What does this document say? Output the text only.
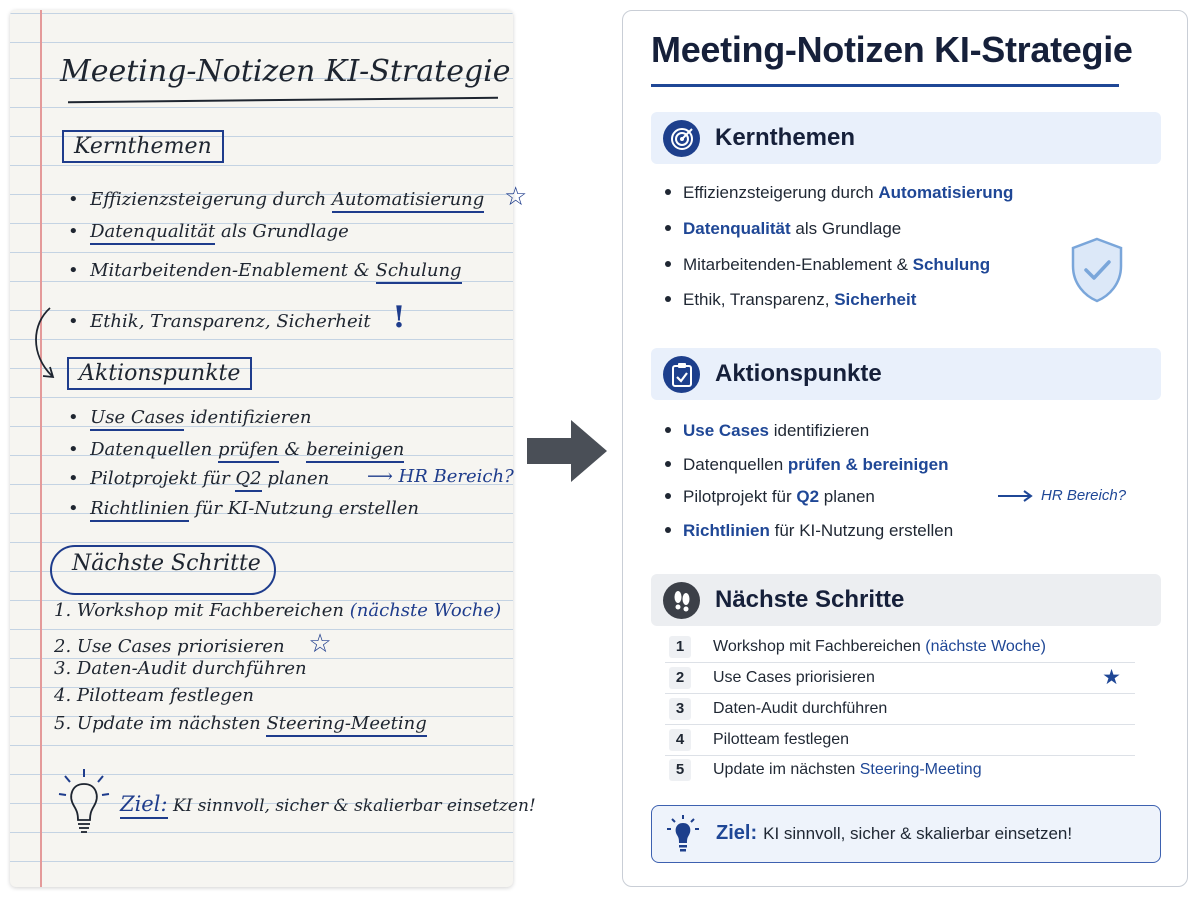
Meeting-Notizen KI-Strategie
Kernthemen
•  Effizienzsteigerung durch Automatisierung ☆
•  Datenqualität als Grundlage
•  Mitarbeitenden-Enablement & Schulung
•  Ethik, Transparenz, Sicherheit !
Aktionspunkte
•  Use Cases identifizieren
•  Datenquellen prüfen & bereinigen
•  Pilotprojekt für Q2 planen ⟶ HR Bereich?
•  Richtlinien für KI-Nutzung erstellen
Nächste Schritte
1. Workshop mit Fachbereichen (nächste Woche)
2. Use Cases priorisieren ☆
3. Daten-Audit durchführen
4. Pilotteam festlegen
5. Update im nächsten Steering-Meeting
Ziel: KI sinnvoll, sicher & skalierbar einsetzen!
Meeting-Notizen KI-Strategie
Kernthemen
Effizienzsteigerung durch Automatisierung
Datenqualität als Grundlage
Mitarbeitenden-Enablement & Schulung
Ethik, Transparenz, Sicherheit
Aktionspunkte
Use Cases identifizieren
Datenquellen prüfen & bereinigen
Pilotprojekt für Q2 planen
Richtlinien für KI-Nutzung erstellen
HR Bereich?
Nächste Schritte
1	Workshop mit Fachbereichen (nächste Woche)
2	Use Cases priorisieren	★
3	Daten-Audit durchführen
4	Pilotteam festlegen
5	Update im nächsten Steering-Meeting
Ziel: KI sinnvoll, sicher & skalierbar einsetzen!
